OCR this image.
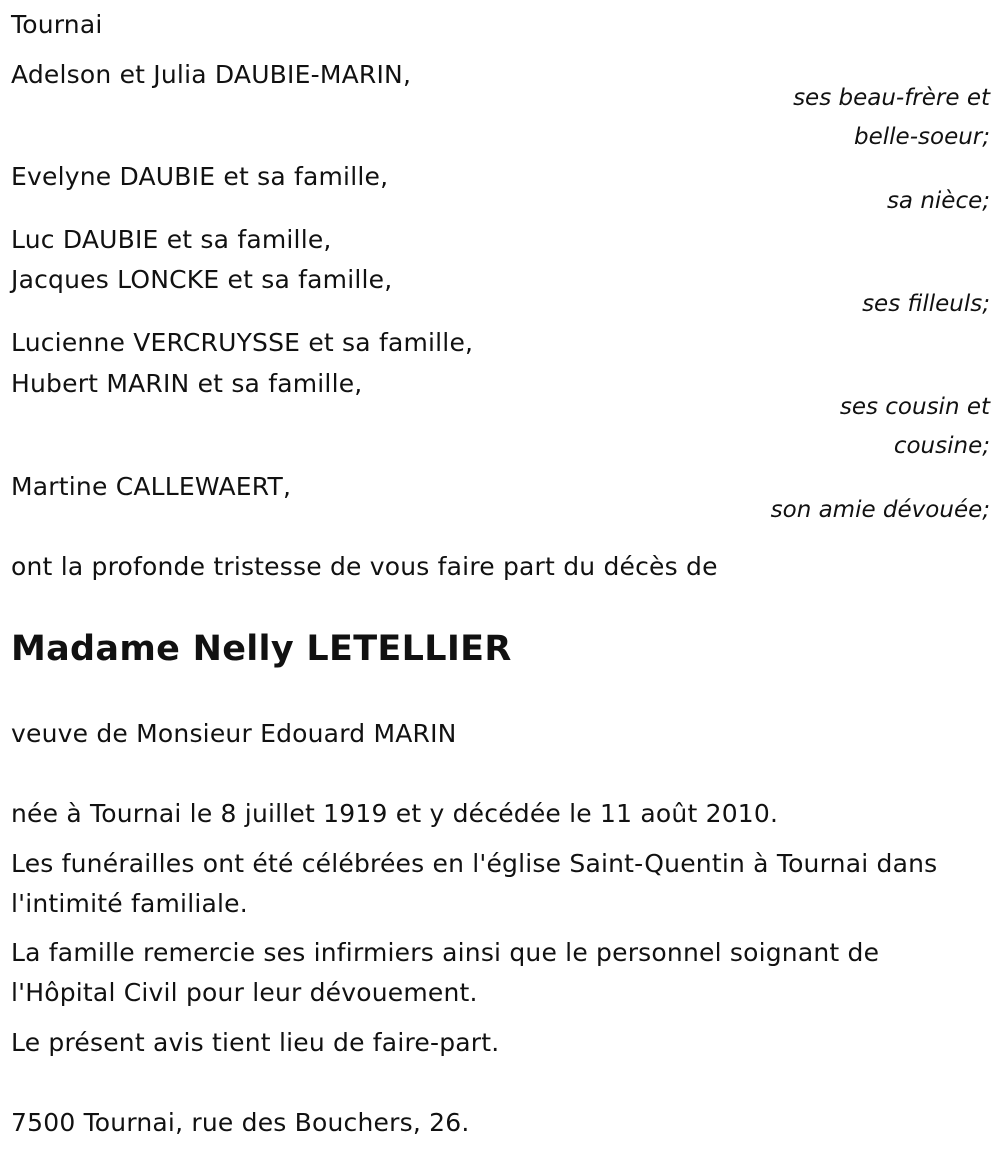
Tournai
Adelson et Julia DAUBIE-MARIN,
ses beau-frère et
belle-soeur;
Evelyne DAUBIE et sa famille,
sa nièce;
Luc DAUBIE et sa famille,
Jacques LONCKE et sa famille,
ses filleuls;
Lucienne VERCRUYSSE et sa famille,
Hubert MARIN et sa famille,
ses cousin et
cousine;
Martine CALLEWAERT,
son amie dévouée;
ont la profonde tristesse de vous faire part du décès de
Madame Nelly LETELLIER
veuve de Monsieur Edouard MARIN
née à Tournai le 8 juillet 1919 et y décédée le 11 août 2010.
Les funérailles ont été célébrées en l'église Saint-Quentin à Tournai dans
l'intimité familiale.
La famille remercie ses infirmiers ainsi que le personnel soignant de
l'Hôpital Civil pour leur dévouement.
Le présent avis tient lieu de faire-part.
7500 Tournai, rue des Bouchers, 26.
